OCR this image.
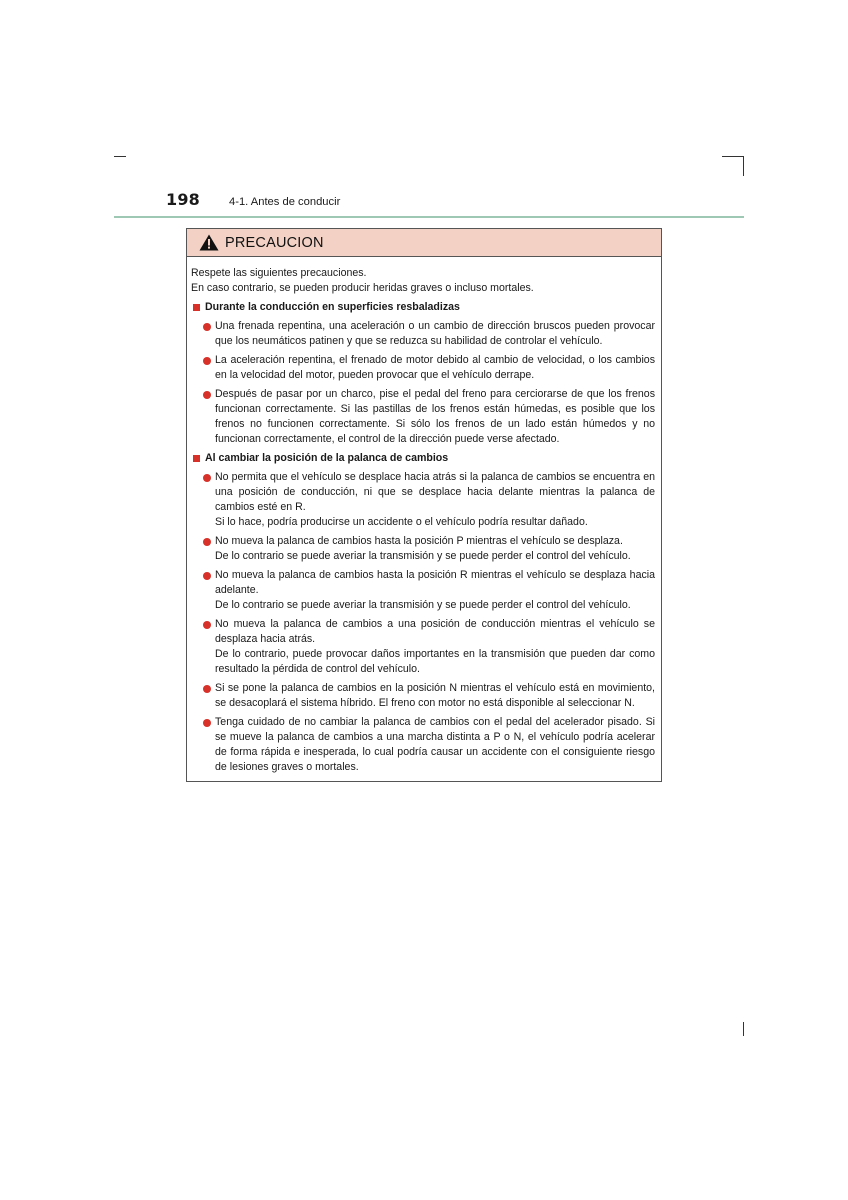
198	4-1. Antes de conducir
PRECAUCION
Respete las siguientes precauciones.
En caso contrario, se pueden producir heridas graves o incluso mortales.
Durante la conducción en superficies resbaladizas

Una frenada repentina, una aceleración o un cambio de dirección bruscos pueden provocar que los neumáticos patinen y que se reduzca su habilidad de controlar el vehículo.

La aceleración repentina, el frenado de motor debido al cambio de velocidad, o los cambios en la velocidad del motor, pueden provocar que el vehículo derrape.

Después de pasar por un charco, pise el pedal del freno para cerciorarse de que los frenos funcionan correctamente. Si las pastillas de los frenos están húmedas, es posible que los frenos no funcionen correctamente. Si sólo los frenos de un lado están húmedos y no funcionan correctamente, el control de la dirección puede verse afectado.

Al cambiar la posición de la palanca de cambios

No permita que el vehículo se desplace hacia atrás si la palanca de cambios se encuentra en una posición de conducción, ni que se desplace hacia delante mientras la palanca de cambios esté en R.

Si lo hace, podría producirse un accidente o el vehículo podría resultar dañado.

No mueva la palanca de cambios hasta la posición P mientras el vehículo se desplaza.

De lo contrario se puede averiar la transmisión y se puede perder el control del vehículo.

No mueva la palanca de cambios hasta la posición R mientras el vehículo se desplaza hacia adelante.

De lo contrario se puede averiar la transmisión y se puede perder el control del vehículo.

No mueva la palanca de cambios a una posición de conducción mientras el vehículo se desplaza hacia atrás.

De lo contrario, puede provocar daños importantes en la transmisión que pueden dar como resultado la pérdida de control del vehículo.

Si se pone la palanca de cambios en la posición N mientras el vehículo está en movimiento, se desacoplará el sistema híbrido. El freno con motor no está disponible al seleccionar N.

Tenga cuidado de no cambiar la palanca de cambios con el pedal del acelerador pisado. Si se mueve la palanca de cambios a una marcha distinta a P o N, el vehículo podría acelerar de forma rápida e inesperada, lo cual podría causar un accidente con el consiguiente riesgo de lesiones graves o mortales.
